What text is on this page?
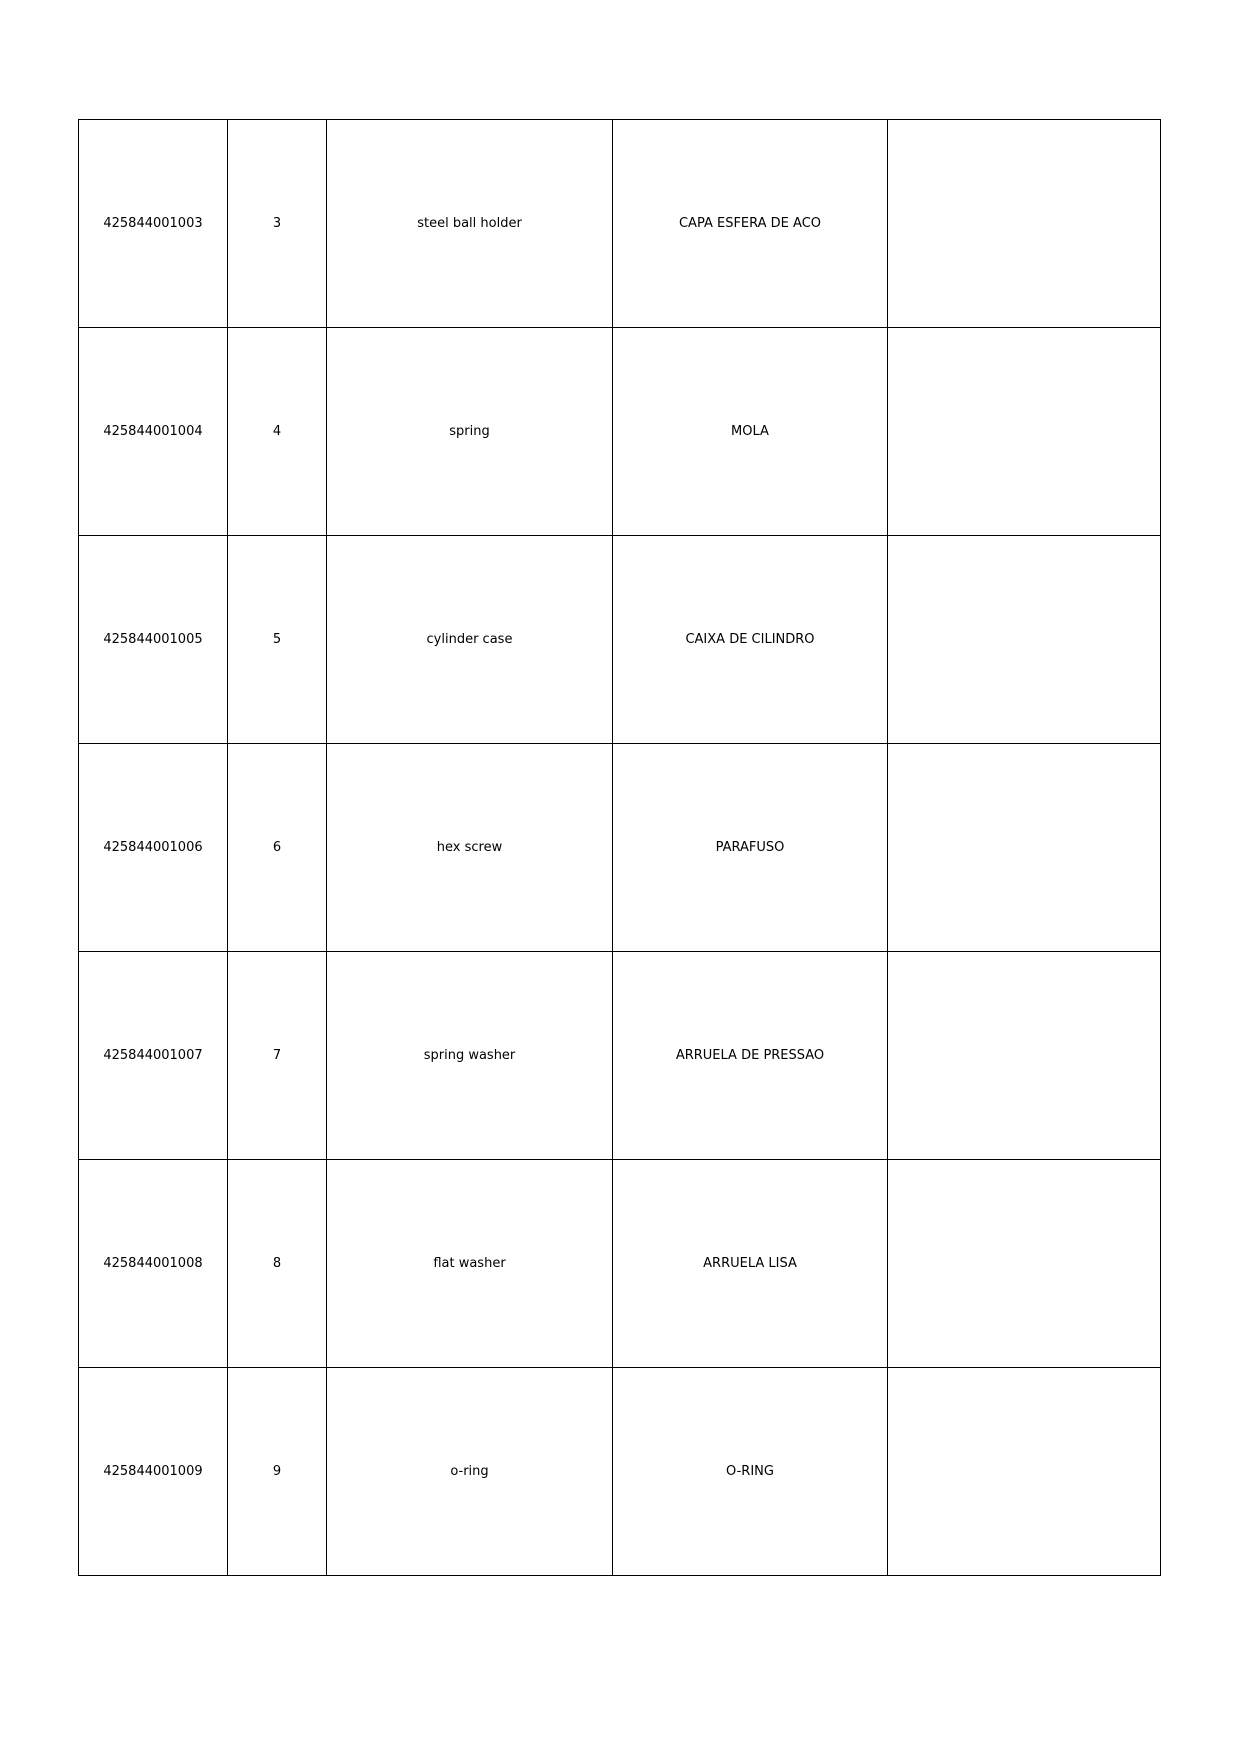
425844001003	3	steel ball holder	CAPA ESFERA DE ACO	
425844001004	4	spring	MOLA	
425844001005	5	cylinder case	CAIXA DE CILINDRO	
425844001006	6	hex screw	PARAFUSO	
425844001007	7	spring washer	ARRUELA DE PRESSAO	
425844001008	8	flat washer	ARRUELA LISA	
425844001009	9	o-ring	O-RING	
